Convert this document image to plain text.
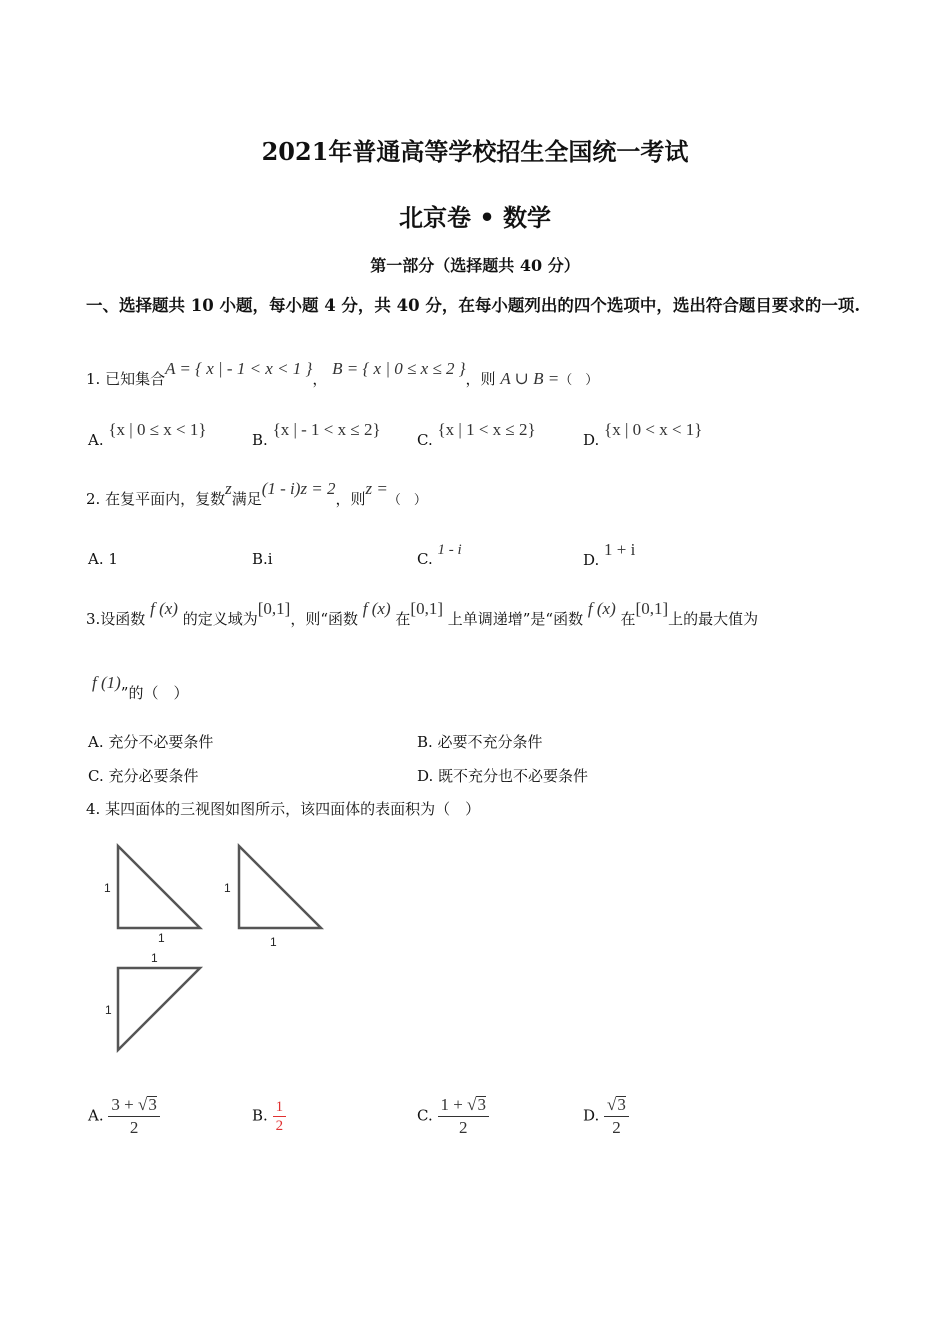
2021年普通高等学校招生全国统一考试
北京卷 • 数学
第一部分（选择题共 40 分）
一、选择题共 10 小题，每小题 4 分，共 40 分，在每小题列出的四个选项中，选出符合题目要求的一项.
1. 已知集合A = { x | - 1 < x < 1 }， B = { x | 0 ≤ x ≤ 2 }，则 A ∪ B =（　）
A. {x | 0 ≤ x < 1}
B. {x | - 1 < x ≤ 2}
C. {x | 1 < x ≤ 2}
D. {x | 0 < x < 1}
2. 在复平面内，复数z满足(1 - i)z = 2，则z =（　）
A. 1	B.i	C. 1 - i
D. 1 + i
3.设函数 f (x) 的定义域为[0,1]，则“函数 f (x) 在[0,1] 上单调递增”是“函数 f (x) 在[0,1]上的最大值为
f (1)”的（　）
A. 充分不必要条件	B. 必要不充分条件
C. 充分必要条件	D. 既不充分也不必要条件
4. 某四面体的三视图如图所示，该四面体的表面积为（　）
1
1
1
1
1
1
A. $\frac{3 + √3}{2}$	B. $\frac{1}{2}$	C. $\frac{1 + √3}{2}$	D. $\frac{√3}{2}$
